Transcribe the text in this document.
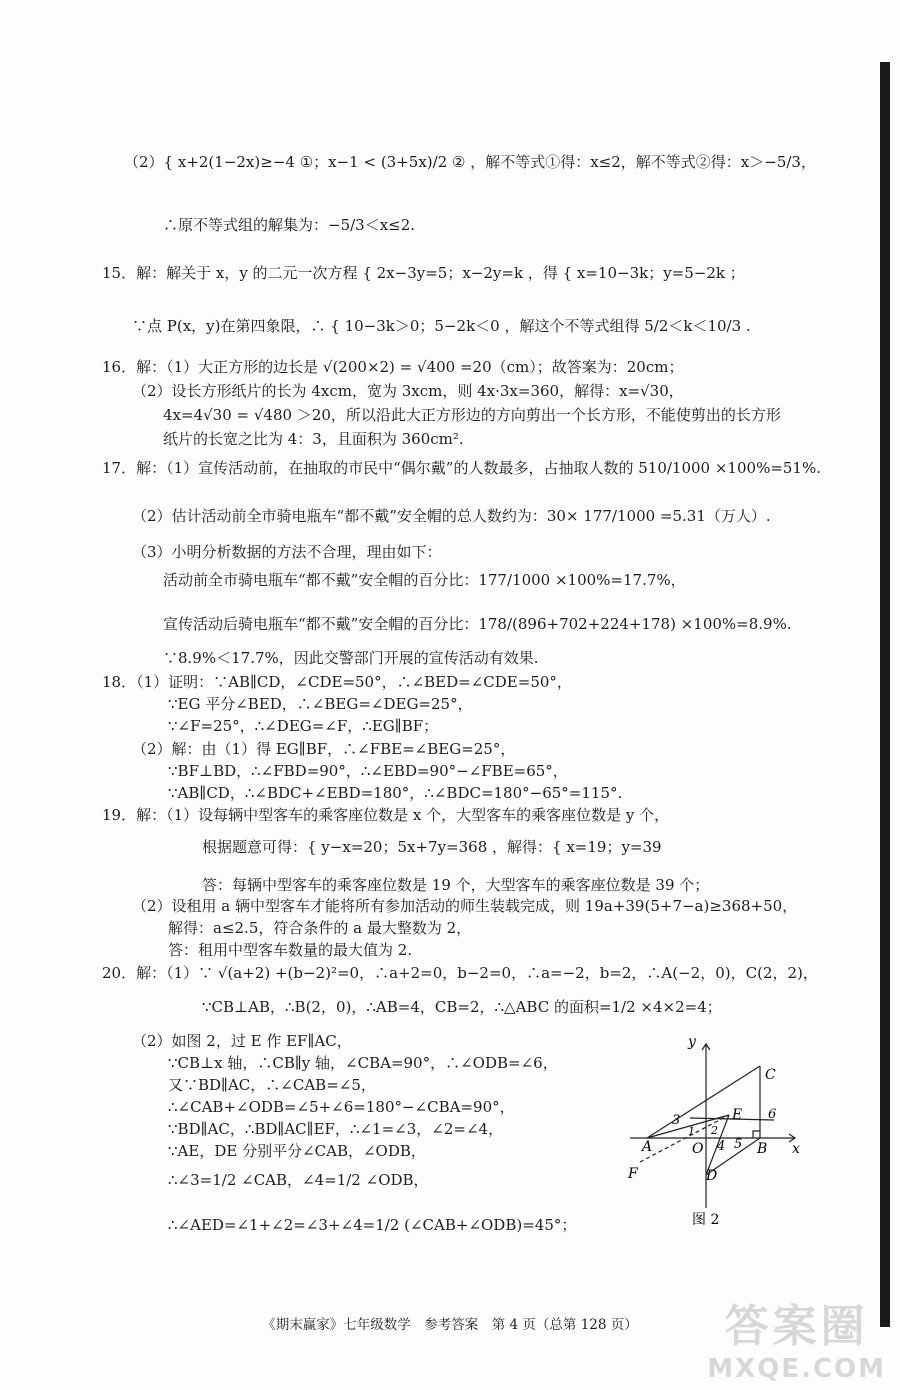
（2）{ x+2(1−2x)≥−4 ①；x−1 < (3+5x)/2 ② ，解不等式①得：x≤2，解不等式②得：x＞−5/3，
∴原不等式组的解集为：−5/3＜x≤2.
15．解：解关于 x，y 的二元一次方程 { 2x−3y=5；x−2y=k ，得 { x=10−3k；y=5−2k ；
∵点 P(x，y)在第四象限，∴ { 10−3k＞0；5−2k＜0 ，解这个不等式组得 5/2＜k＜10/3 .
16．解：（1）大正方形的边长是 √(200×2) = √400 =20（cm）；故答案为：20cm；
（2）设长方形纸片的长为 4xcm，宽为 3xcm，则 4x·3x=360，解得：x=√30，
4x=4√30 = √480 ＞20，所以沿此大正方形边的方向剪出一个长方形，不能使剪出的长方形
纸片的长宽之比为 4：3，且面积为 360cm².
17．解：（1）宣传活动前，在抽取的市民中“偶尔戴”的人数最多，占抽取人数的 510/1000 ×100%=51%.
（2）估计活动前全市骑电瓶车“都不戴”安全帽的总人数约为：30× 177/1000 =5.31（万人）.
（3）小明分析数据的方法不合理，理由如下：
活动前全市骑电瓶车“都不戴”安全帽的百分比：177/1000 ×100%=17.7%，
宣传活动后骑电瓶车“都不戴”安全帽的百分比：178/(896+702+224+178) ×100%=8.9%.
∵8.9%＜17.7%，因此交警部门开展的宣传活动有效果.
18．（1）证明：∵AB∥CD，∠CDE=50°，∴∠BED=∠CDE=50°，
∵EG 平分∠BED，∴∠BEG=∠DEG=25°，
∵∠F=25°，∴∠DEG=∠F，∴EG∥BF；
（2）解：由（1）得 EG∥BF，∴∠FBE=∠BEG=25°，
∵BF⊥BD，∴∠FBD=90°，∴∠EBD=90°−∠FBE=65°，
∵AB∥CD，∴∠BDC+∠EBD=180°，∴∠BDC=180°−65°=115°.
19．解：（1）设每辆中型客车的乘客座位数是 x 个，大型客车的乘客座位数是 y 个，
根据题意可得：{ y−x=20；5x+7y=368 ，解得：{ x=19；y=39
答：每辆中型客车的乘客座位数是 19 个，大型客车的乘客座位数是 39 个；
（2）设租用 a 辆中型客车才能将所有参加活动的师生装载完成，则 19a+39(5+7−a)≥368+50，
解得：a≤2.5，符合条件的 a 最大整数为 2，
答：租用中型客车数量的最大值为 2.
20．解：（1）∵ √(a+2) +(b−2)²=0，∴a+2=0，b−2=0，∴a=−2，b=2，∴A(−2，0)，C(2，2)，
∵CB⊥AB，∴B(2，0)，∴AB=4，CB=2，∴△ABC 的面积=1/2 ×4×2=4；
（2）如图 2，过 E 作 EF∥AC，
∵CB⊥x 轴，∴CB∥y 轴，∠CBA=90°，∴∠ODB=∠6，
又∵BD∥AC，∴∠CAB=∠5，
∴∠CAB+∠ODB=∠5+∠6=180°−∠CBA=90°，
∵BD∥AC，∴BD∥AC∥EF，∴∠1=∠3，∠2=∠4，
∵AE，DE 分别平分∠CAB，∠ODB，
∴∠3=1/2 ∠CAB，∠4=1/2 ∠ODB，
∴∠AED=∠1+∠2=∠3+∠4=1/2 (∠CAB+∠ODB)=45°；
y
x
A	O	B
C
D
E
F
1 2
3
4 5
6
图 2
《期末赢家》七年级数学　参考答案　第 4 页（总第 128 页）	答案圈
MXQE.COM
